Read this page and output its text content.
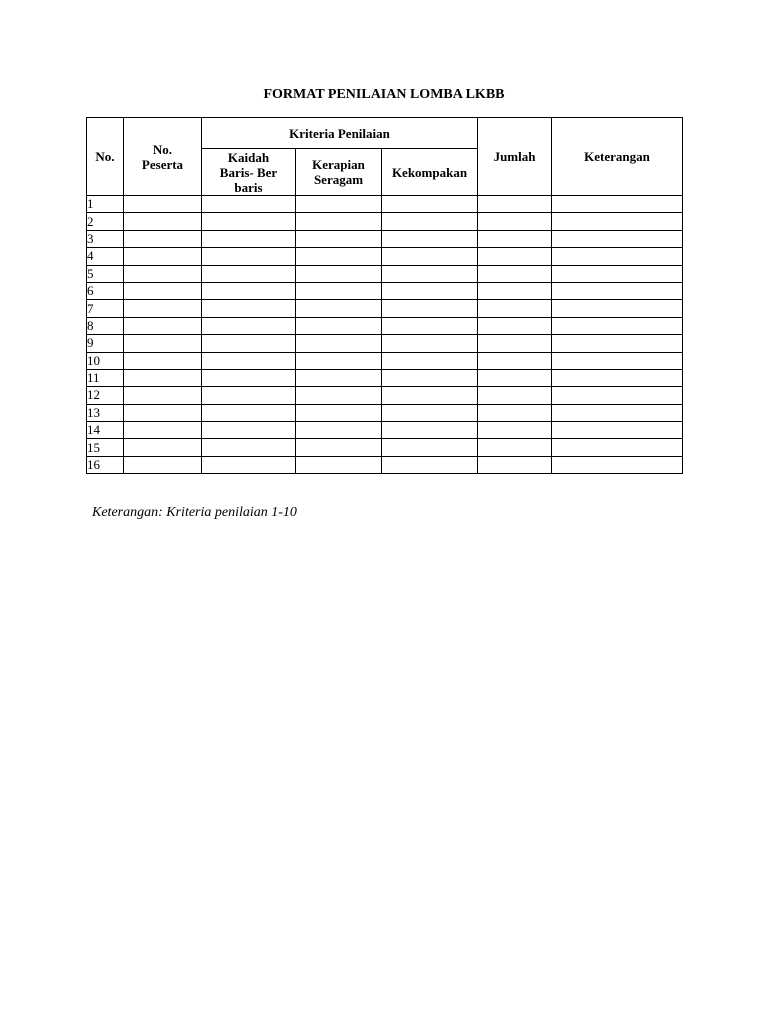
FORMAT PENILAIAN LOMBA LKBB
No.	No. Peserta	Kriteria Penilaian			Jumlah	Keterangan
		Kaidah Baris- Ber baris	Kerapian Seragam	Kekompakan		
1						
2						
3						
4						
5						
6						
7						
8						
9						
10						
11						
12						
13						
14						
15						
16						
Keterangan: Kriteria penilaian 1-10
